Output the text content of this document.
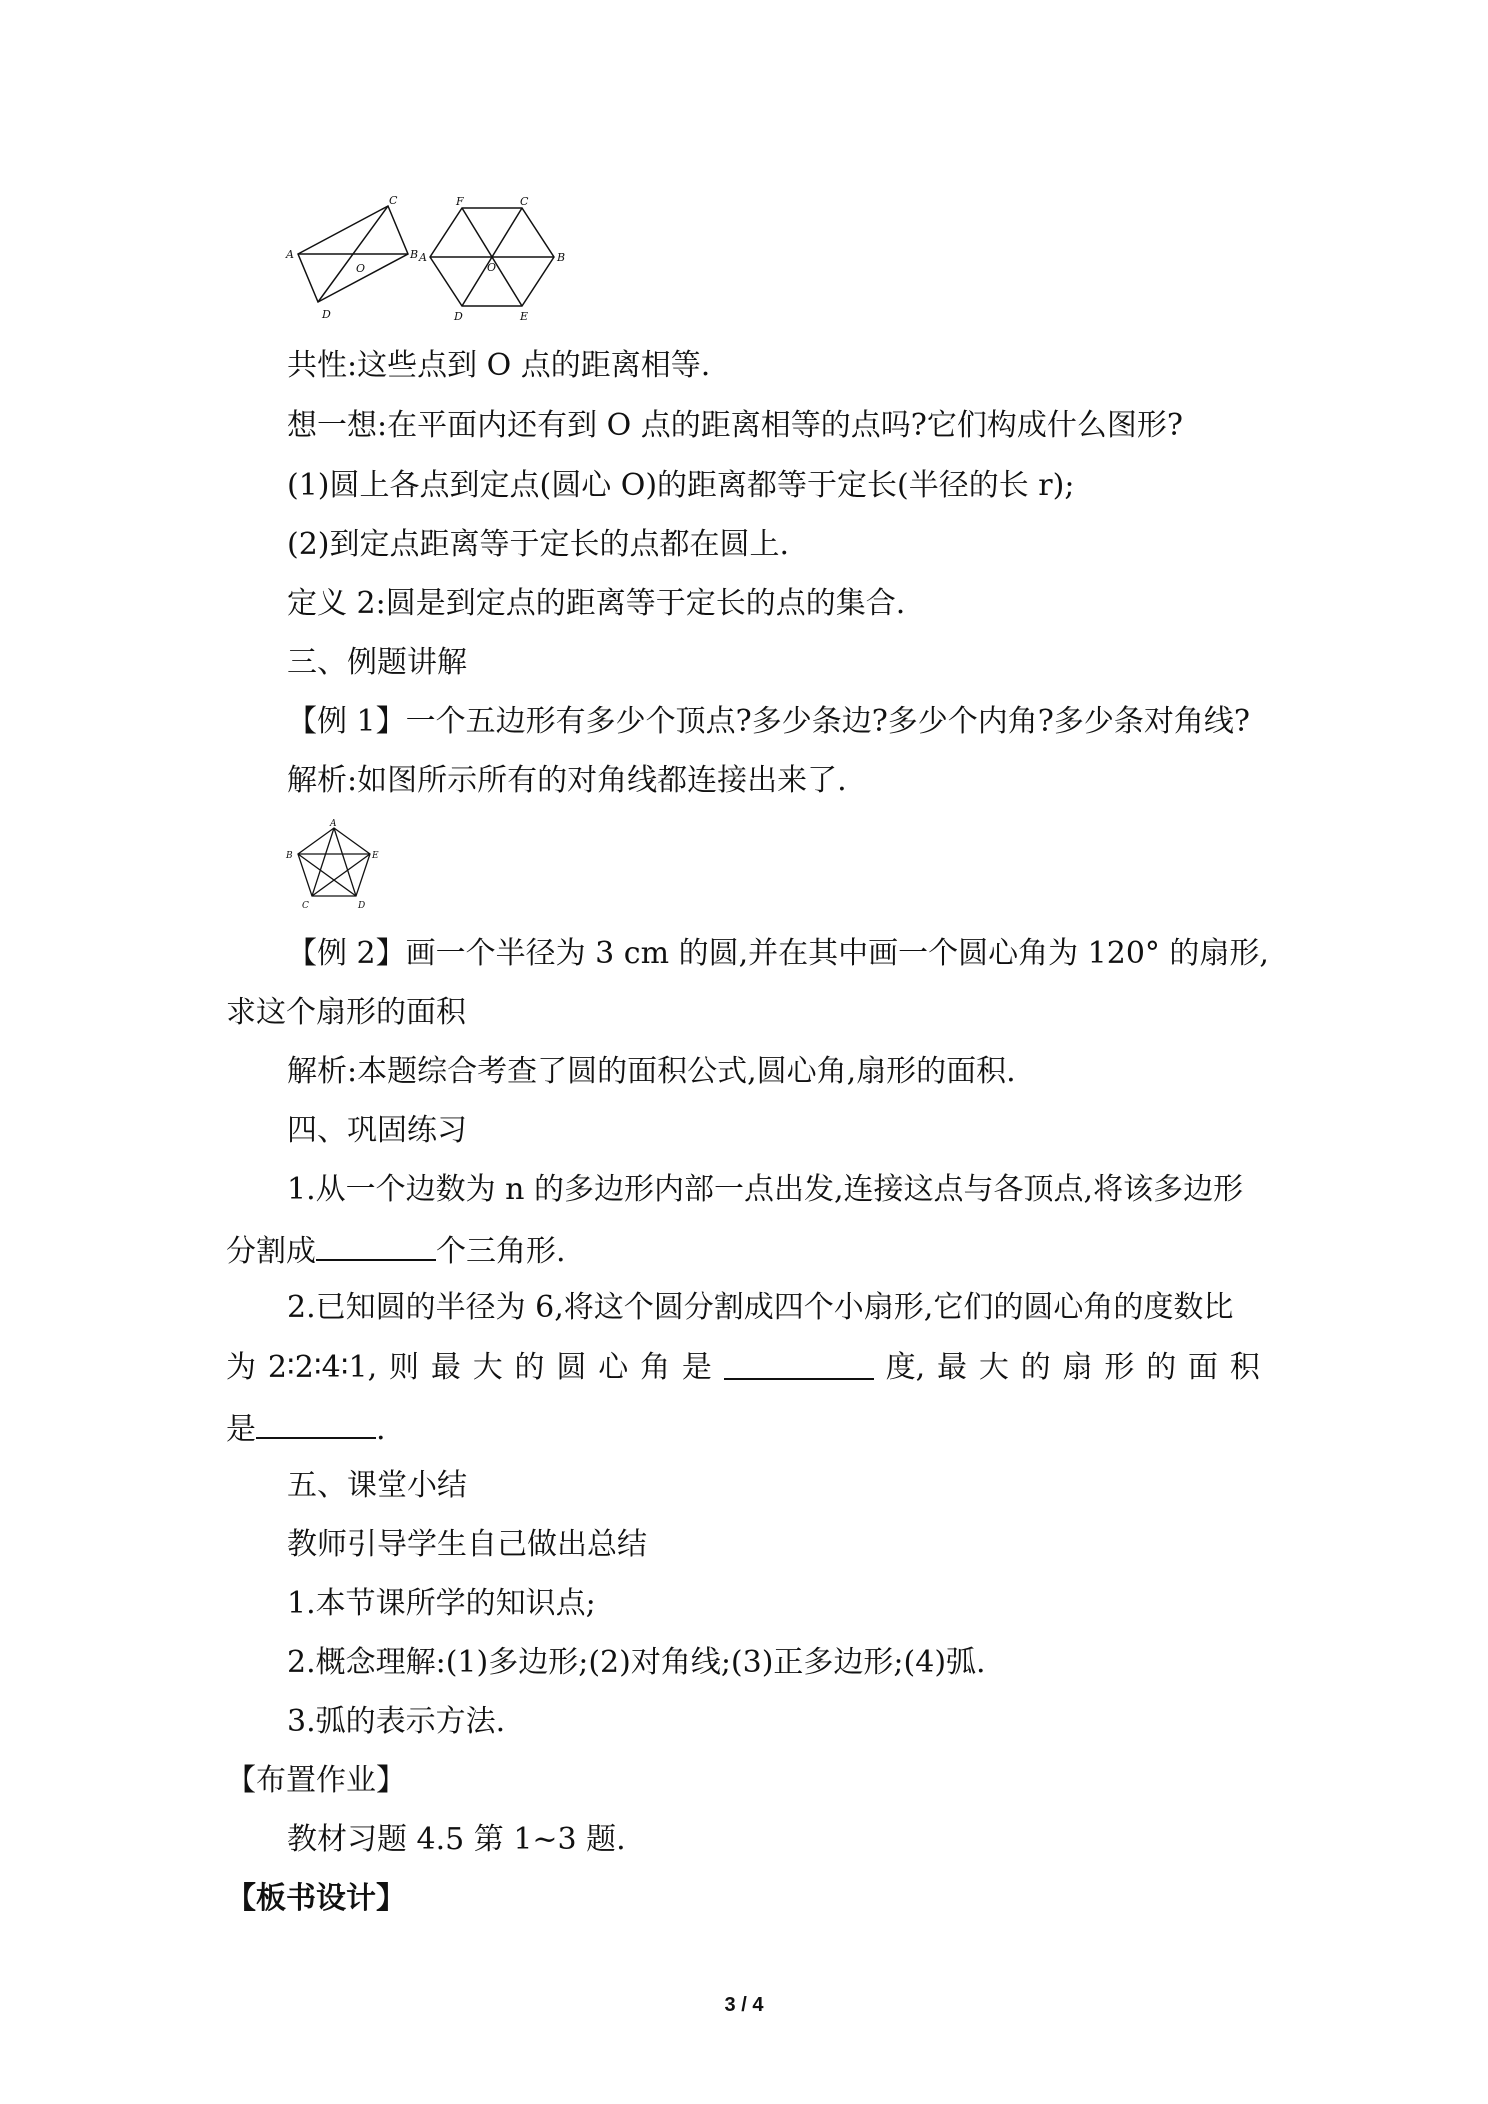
A	B
C
D
O
F	C
A	B
D	E
O
共性:这些点到 O 点的距离相等.
想一想:在平面内还有到 O 点的距离相等的点吗?它们构成什么图形?
(1)圆上各点到定点(圆心 O)的距离都等于定长(半径的长 r);
(2)到定点距离等于定长的点都在圆上.
定义 2:圆是到定点的距离等于定长的点的集合.
三、例题讲解
【例 1】一个五边形有多少个顶点?多少条边?多少个内角?多少条对角线?
解析:如图所示所有的对角线都连接出来了.
A
B	E
C	D
【例 2】画一个半径为 3 cm 的圆,并在其中画一个圆心角为 120° 的扇形,
求这个扇形的面积
解析:本题综合考查了圆的面积公式,圆心角,扇形的面积.
四、巩固练习
1.从一个边数为 n 的多边形内部一点出发,连接这点与各顶点,将该多边形
分割成	个三角形.
2.已知圆的半径为 6,将这个圆分割成四个小扇形,它们的圆心角的度数比
为 2∶2∶4∶1, 则 最 大 的 圆 心 角 是	度, 最 大 的 扇 形 的 面 积
是	.
五、课堂小结
教师引导学生自己做出总结
1.本节课所学的知识点;
2.概念理解:(1)多边形;(2)对角线;(3)正多边形;(4)弧.
3.弧的表示方法.
【布置作业】
教材习题 4.5 第 1~3 题.
【板书设计】
3 / 4
